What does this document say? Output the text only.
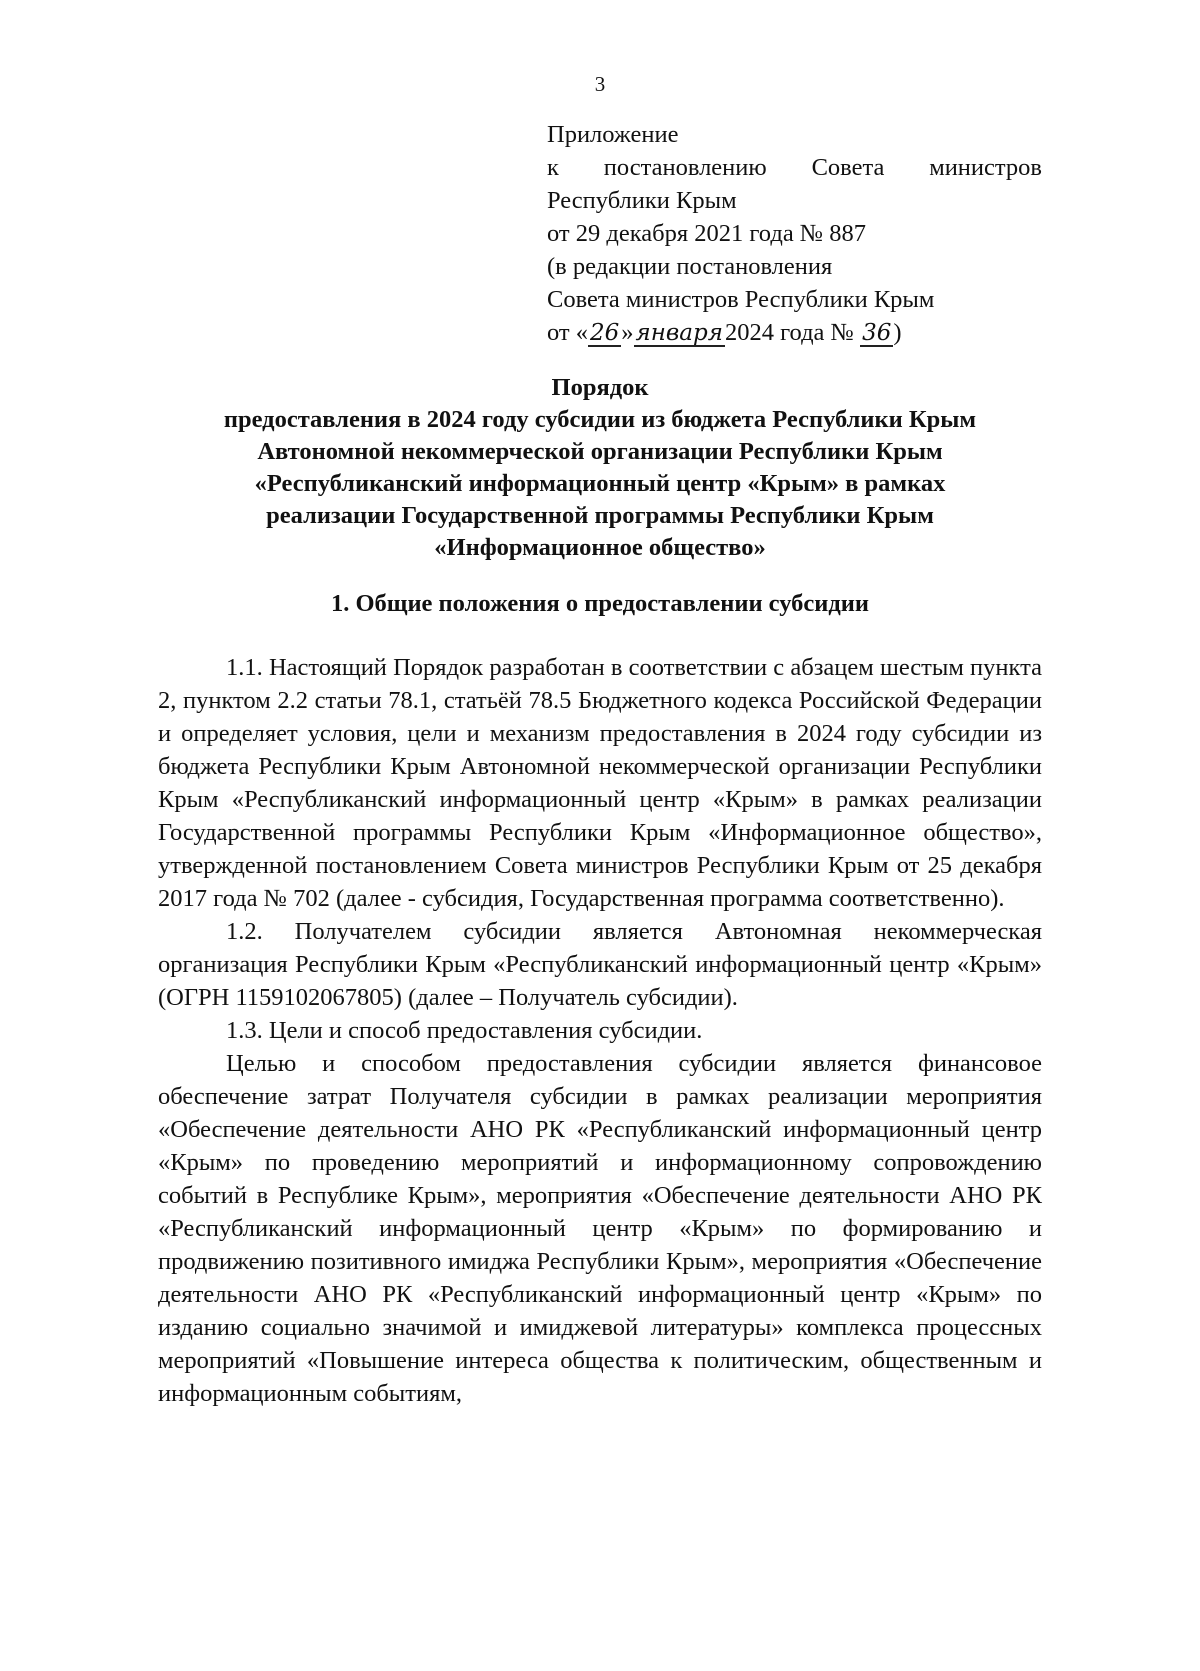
3
Приложение
к постановлению Совета министров
Республики Крым
от 29 декабря 2021 года № 887
(в редакции постановления
Совета министров Республики Крым
от «26»января2024 года № 36)
Порядок
предоставления в 2024 году субсидии из бюджета Республики Крым
Автономной некоммерческой организации Республики Крым
«Республиканский информационный центр «Крым» в рамках
реализации Государственной программы Республики Крым
«Информационное общество»
1. Общие положения о предоставлении субсидии

1.1. Настоящий Порядок разработан в соответствии с абзацем шестым пункта 2, пунктом 2.2 статьи 78.1, статьёй 78.5 Бюджетного кодекса Российской Федерации и определяет условия, цели и механизм предоставления в 2024 году субсидии из бюджета Республики Крым Автономной некоммерческой организации Республики Крым «Республиканский информационный центр «Крым» в рамках реализации Государственной программы Республики Крым «Информационное общество», утвержденной постановлением Совета министров Республики Крым от 25 декабря 2017 года № 702 (далее - субсидия, Государственная программа соответственно).

1.2. Получателем субсидии является Автономная некоммерческая организация Республики Крым «Республиканский информационный центр «Крым» (ОГРН 1159102067805) (далее – Получатель субсидии).

1.3. Цели и способ предоставления субсидии.

Целью и способом предоставления субсидии является финансовое обеспечение затрат Получателя субсидии в рамках реализации мероприятия «Обеспечение деятельности АНО РК «Республиканский информационный центр «Крым» по проведению мероприятий и информационному сопровождению событий в Республике Крым», мероприятия «Обеспечение деятельности АНО РК «Республиканский информационный центр «Крым» по формированию и продвижению позитивного имиджа Республики Крым», мероприятия «Обеспечение деятельности АНО РК «Республиканский информационный центр «Крым» по изданию социально значимой и имиджевой литературы» комплекса процессных мероприятий «Повышение интереса общества к политическим, общественным и информационным событиям,
